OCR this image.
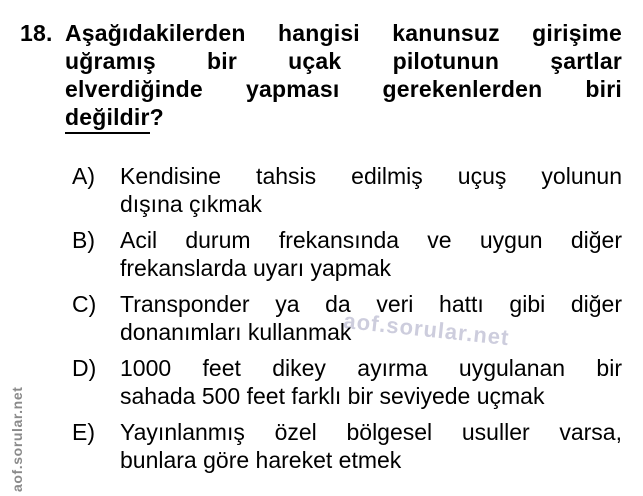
aof.sorular.net
aof.sorular.net
18. Aşağıdakilerden hangisi kanunsuz girişime
uğramış bir uçak pilotunun şartlar
elverdiğinde yapması gerekenlerden biri
değildir?
A)	Kendisine tahsis edilmiş uçuş yolunun
dışına çıkmak
B)	Acil durum frekansında ve uygun diğer
frekanslarda uyarı yapmak
C)	Transponder ya da veri hattı gibi diğer
donanımları kullanmak
D)	1000 feet dikey ayırma uygulanan bir
sahada 500 feet farklı bir seviyede uçmak
E)	Yayınlanmış özel bölgesel usuller varsa,
bunlara göre hareket etmek
